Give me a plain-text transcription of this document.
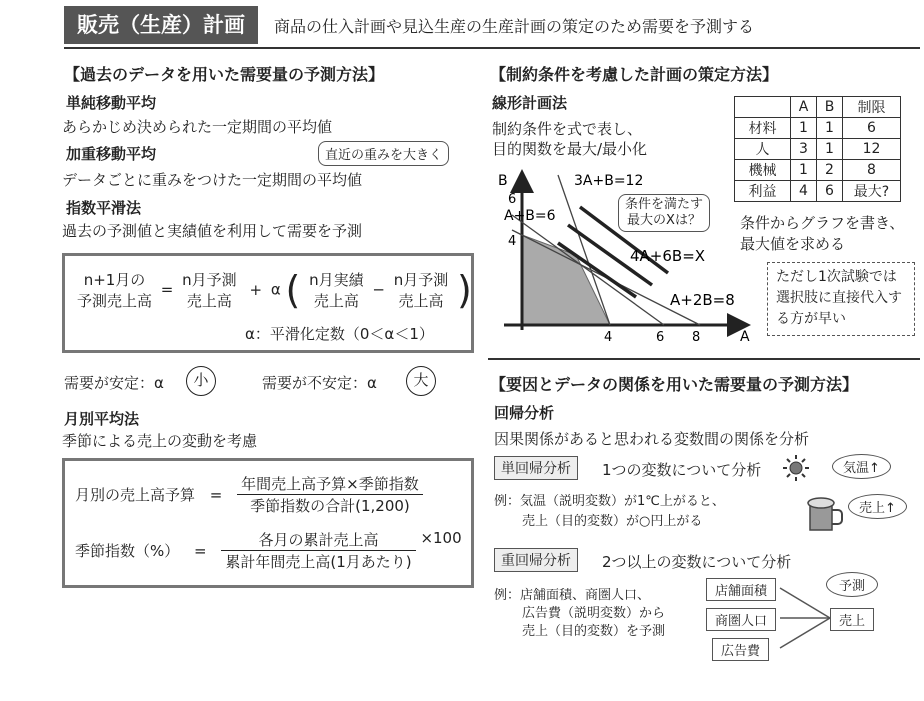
販売（生産）計画	商品の仕入計画や見込生産の生産計画の策定のため需要を予測する
【過去のデータを用いた需要量の予測方法】
単純移動平均
あらかじめ決められた一定期間の平均値
加重移動平均	直近の重みを大きく
データごとに重みをつけた一定期間の平均値
指数平滑法
過去の予測値と実績値を利用して需要を予測
n+1月の
予測売上高
=
n月予測
売上高
+ α ( n月実績
売上高
−
n月予測
売上高 )
α：平滑化定数（0＜α＜1）
需要が安定：α	小	需要が不安定：α	大
月別平均法
季節による売上の変動を考慮
月別の売上高予算 = $\frac{\text{年間売上高予算×季節指数}}{\text{季節指数の合計(1,200)}}$
季節指数（%） = $\frac{\text{各月の累計売上高}}{\text{累計年間売上高(1月あたり)}} \times 100$
【制約条件を考慮した計画の策定方法】
線形計画法
制約条件を式で表し、
目的関数を最大/最小化
	A	B	制限
材料	1	1	6
人	3	1	12
機械	1	2	8
利益	4	6	最大?
条件からグラフを書き、
最大値を求める
ただし1次試験では選択肢に直接代入する方が早い
B
A
6
4
4	6 8
3A+B=12
A+B=6
4A+6B=X
A+2B=8
条件を満たす
最大のXは？
【要因とデータの関係を用いた需要量の予測方法】
回帰分析
因果関係があると思われる変数間の関係を分析
単回帰分析	1つの変数について分析
例：気温（説明変数）が1℃上がると、
売上（目的変数）が○円上がる
気温↑
売上↑
重回帰分析	2つ以上の変数について分析
例：店舗面積、商圏人口、
広告費（説明変数）から
売上（目的変数）を予測
店舗面積
商圏人口
広告費
売上
予測
